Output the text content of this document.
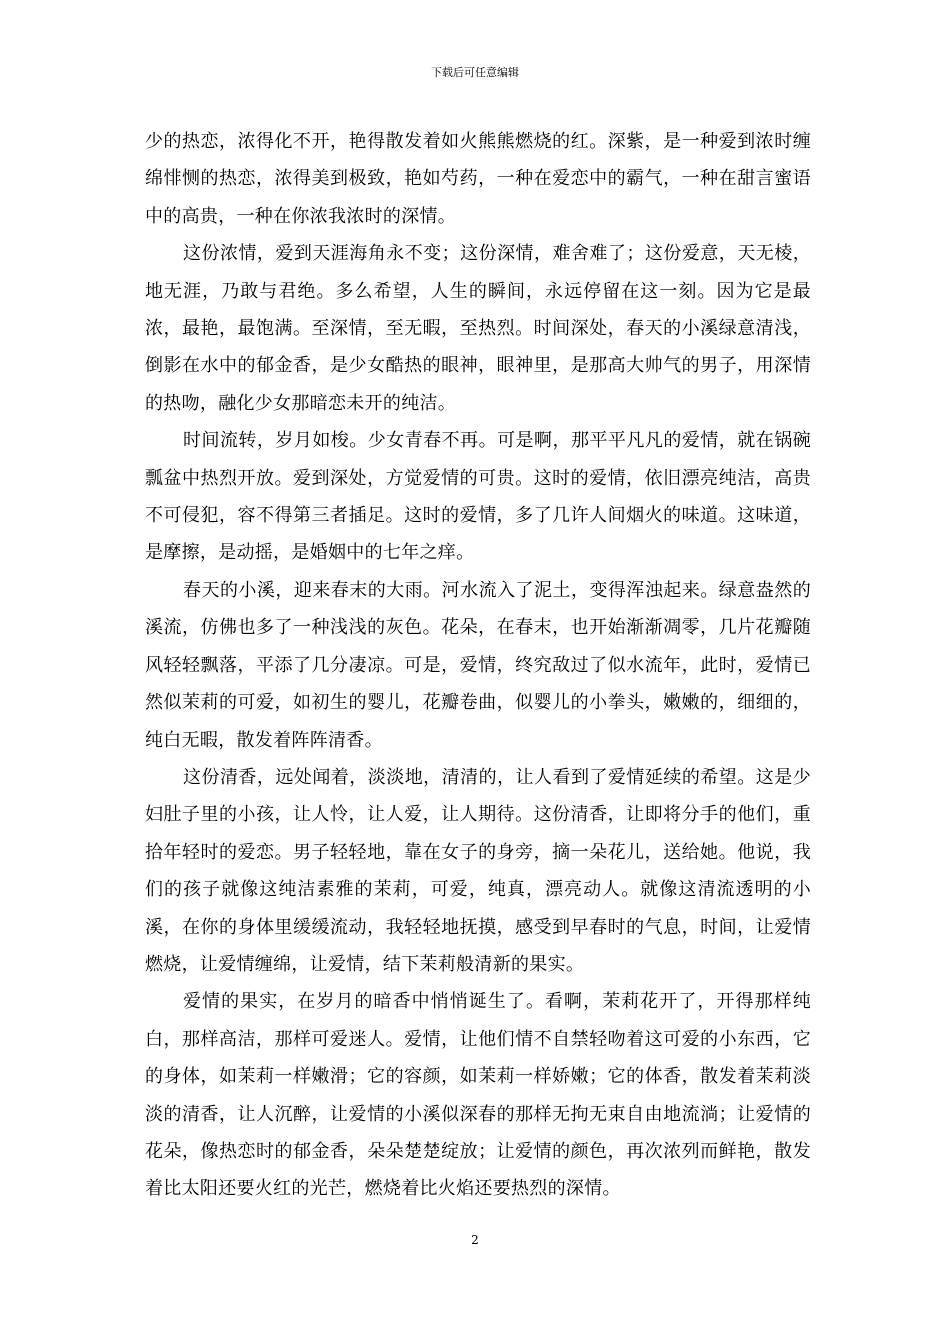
下载后可任意编辑

少的热恋，浓得化不开，艳得散发着如火熊熊燃烧的红。深紫，是一种爱到浓时缠绵悱恻的热恋，浓得美到极致，艳如芍药，一种在爱恋中的霸气，一种在甜言蜜语中的高贵，一种在你浓我浓时的深情。

这份浓情，爱到天涯海角永不变；这份深情，难舍难了；这份爱意，天无棱，地无涯，乃敢与君绝。多么希望，人生的瞬间，永远停留在这一刻。因为它是最浓，最艳，最饱满。至深情，至无暇，至热烈。时间深处，春天的小溪绿意清浅，倒影在水中的郁金香，是少女酷热的眼神，眼神里，是那高大帅气的男子，用深情的热吻，融化少女那暗恋未开的纯洁。

时间流转，岁月如梭。少女青春不再。可是啊，那平平凡凡的爱情，就在锅碗瓢盆中热烈开放。爱到深处，方觉爱情的可贵。这时的爱情，依旧漂亮纯洁，高贵不可侵犯，容不得第三者插足。这时的爱情，多了几许人间烟火的味道。这味道，是摩擦，是动摇，是婚姻中的七年之痒。

春天的小溪，迎来春末的大雨。河水流入了泥土，变得浑浊起来。绿意盎然的溪流，仿佛也多了一种浅浅的灰色。花朵，在春末，也开始渐渐凋零，几片花瓣随风轻轻飘落，平添了几分凄凉。可是，爱情，终究敌过了似水流年，此时，爱情已然似茉莉的可爱，如初生的婴儿，花瓣卷曲，似婴儿的小拳头，嫩嫩的，细细的，纯白无暇，散发着阵阵清香。

这份清香，远处闻着，淡淡地，清清的，让人看到了爱情延续的希望。这是少妇肚子里的小孩，让人怜，让人爱，让人期待。这份清香，让即将分手的他们，重拾年轻时的爱恋。男子轻轻地，靠在女子的身旁，摘一朵花儿，送给她。他说，我们的孩子就像这纯洁素雅的茉莉，可爱，纯真，漂亮动人。就像这清流透明的小溪，在你的身体里缓缓流动，我轻轻地抚摸，感受到早春时的气息，时间，让爱情燃烧，让爱情缠绵，让爱情，结下茉莉般清新的果实。

爱情的果实，在岁月的暗香中悄悄诞生了。看啊，茉莉花开了，开得那样纯白，那样高洁，那样可爱迷人。爱情，让他们情不自禁轻吻着这可爱的小东西，它的身体，如茉莉一样嫩滑；它的容颜，如茉莉一样娇嫩；它的体香，散发着茉莉淡淡的清香，让人沉醉，让爱情的小溪似深春的那样无拘无束自由地流淌；让爱情的花朵，像热恋时的郁金香，朵朵楚楚绽放；让爱情的颜色，再次浓列而鲜艳，散发着比太阳还要火红的光芒，燃烧着比火焰还要热烈的深情。

2
